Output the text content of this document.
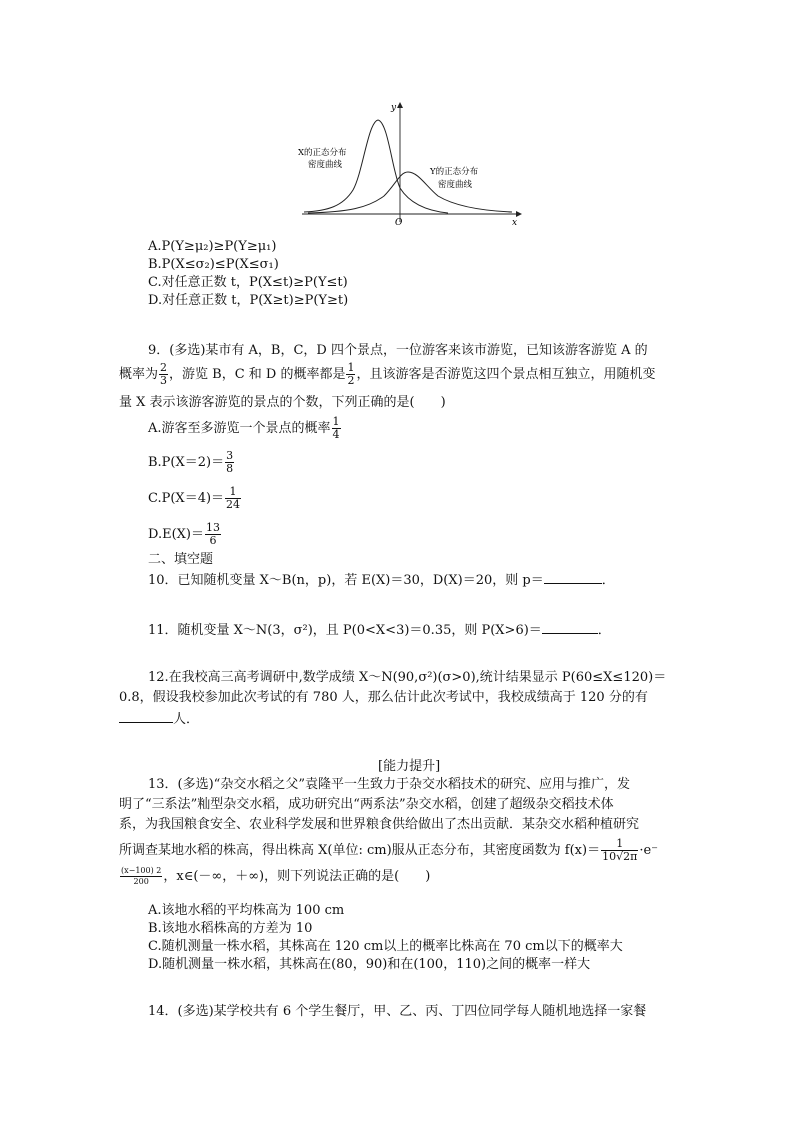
y
x
O
X的正态分布
密度曲线
Y的正态分布
密度曲线
A.P(Y≥μ₂)≥P(Y≥μ₁)
B.P(X≤σ₂)≤P(X≤σ₁)
C.对任意正数 t，P(X≤t)≥P(Y≤t)
D.对任意正数 t，P(X≥t)≥P(Y≥t)
9．(多选)某市有 A，B，C，D 四个景点，一位游客来该市游览，已知该游客游览 A 的
概率为 $\frac{2}{3}$ ，游览 B，C 和 D 的概率都是 $\frac{1}{2}$ ，且该游客是否游览这四个景点相互独立，用随机变
量 X 表示该游客游览的景点的个数，下列正确的是(　　)
A.游客至多游览一个景点的概率 $\frac{1}{4}$
$B.P(X=2)= \frac{3}{8}$
$C.P(X=4)= \frac{1}{24}$
$D.E(X)= \frac{13}{6}$
二、填空题
10．已知随机变量 X～B(n，p)，若 E(X)＝30，D(X)＝20，则 p＝	．
11．随机变量 X～N(3，σ²)，且 P(0<X<3)＝0.35，则 P(X>6)＝	．
12.在我校高三高考调研中,数学成绩 X～N(90,σ²)(σ>0),统计结果显示 P(60≤X≤120)＝
0.8，假设我校参加此次考试的有 780 人，那么估计此次考试中，我校成绩高于 120 分的有
人．
[能力提升]
13．(多选)“杂交水稻之父”袁隆平一生致力于杂交水稻技术的研究、应用与推广，发
明了“三系法”籼型杂交水稻，成功研究出“两系法”杂交水稻，创建了超级杂交稻技术体
系，为我国粮食安全、农业科学发展和世界粮食供给做出了杰出贡献．某杂交水稻种植研究
所调查某地水稻的株高，得出株高 X(单位: cm)服从正态分布，其密度函数为 $f(x)= \frac{1}{10√2\pi} \cdot e^-$
$\frac{(x-100) 2}{200}$ ，x∈(－∞，＋∞)，则下列说法正确的是(　　)
A.该地水稻的平均株高为 100 cm
B.该地水稻株高的方差为 10
C.随机测量一株水稻，其株高在 120 cm以上的概率比株高在 70 cm以下的概率大
D.随机测量一株水稻，其株高在(80，90)和在(100，110)之间的概率一样大
14．(多选)某学校共有 6 个学生餐厅，甲、乙、丙、丁四位同学每人随机地选择一家餐
